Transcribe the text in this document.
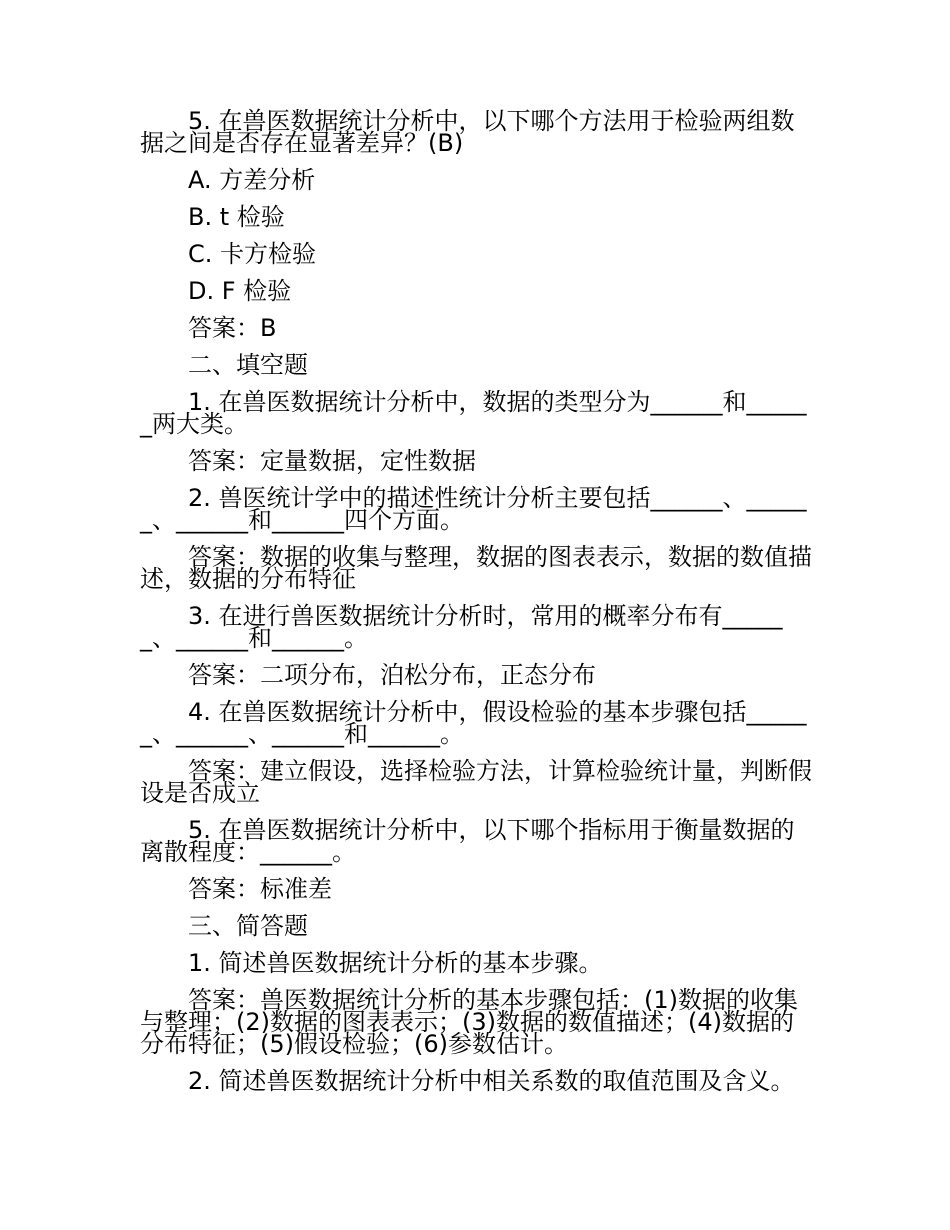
5. 在兽医数据统计分析中，以下哪个方法用于检验两组数据之间是否存在显著差异？(B)

A. 方差分析

B. t 检验

C. 卡方检验

D. F 检验

答案：B

二、填空题

1. 在兽医数据统计分析中，数据的类型分为______和______两大类。

答案：定量数据，定性数据

2. 兽医统计学中的描述性统计分析主要包括______、______、______和______四个方面。

答案：数据的收集与整理，数据的图表表示，数据的数值描述，数据的分布特征

3. 在进行兽医数据统计分析时，常用的概率分布有______、______和______。

答案：二项分布，泊松分布，正态分布

4. 在兽医数据统计分析中，假设检验的基本步骤包括______、______、______和______。

答案：建立假设，选择检验方法，计算检验统计量，判断假设是否成立

5. 在兽医数据统计分析中，以下哪个指标用于衡量数据的离散程度：______。

答案：标准差

三、简答题

1. 简述兽医数据统计分析的基本步骤。

答案：兽医数据统计分析的基本步骤包括：(1)数据的收集与整理；(2)数据的图表表示；(3)数据的数值描述；(4)数据的分布特征；(5)假设检验；(6)参数估计。

2. 简述兽医数据统计分析中相关系数的取值范围及含义。
